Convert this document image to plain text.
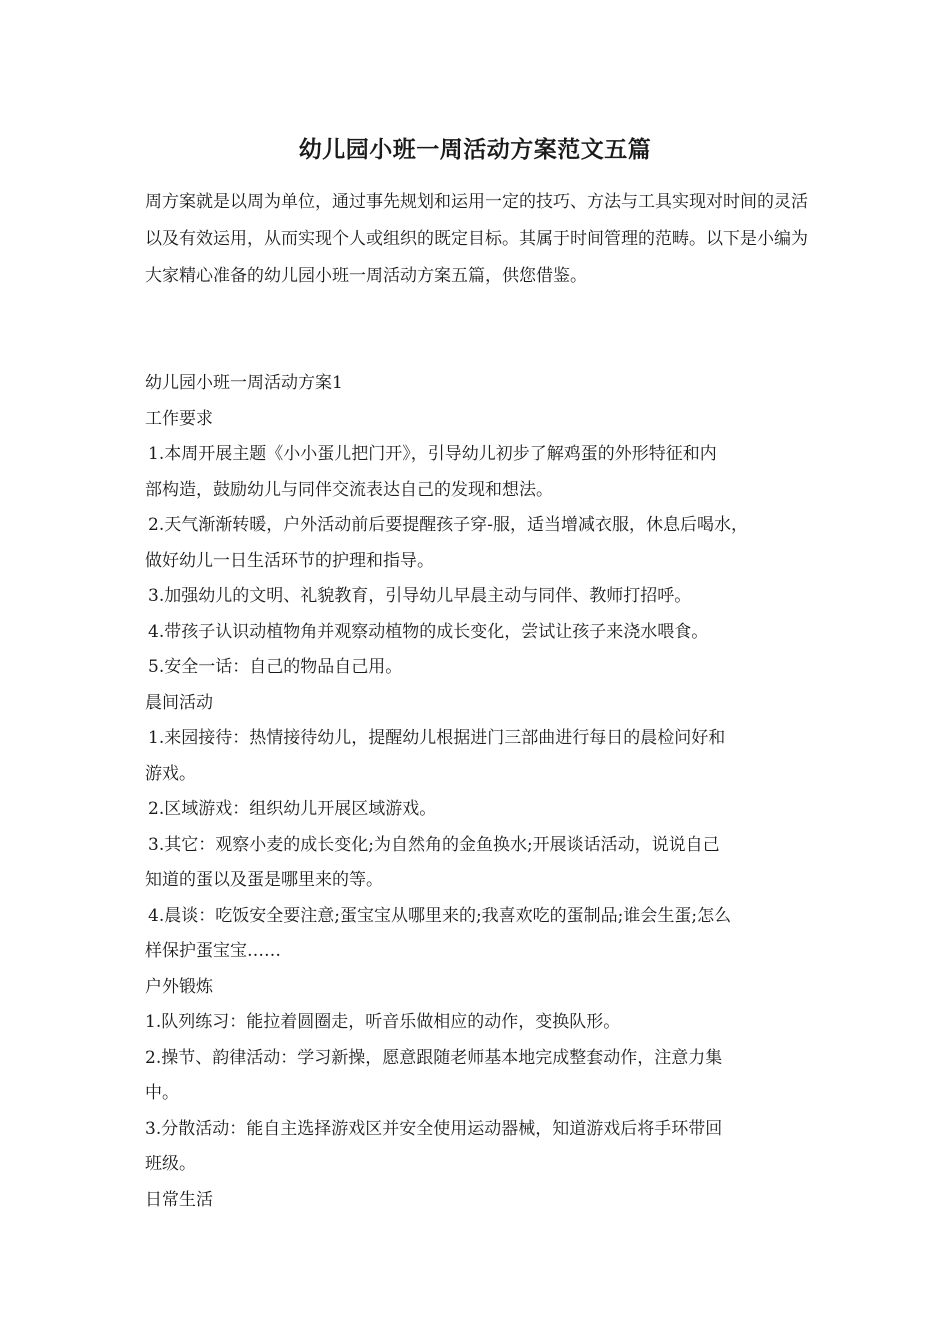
幼儿园小班一周活动方案范文五篇
周方案就是以周为单位，通过事先规划和运用一定的技巧、方法与工具实现对时间的灵活以及有效运用，从而实现个人或组织的既定目标。其属于时间管理的范畴。以下是小编为大家精心准备的幼儿园小班一周活动方案五篇，供您借鉴。
幼儿园小班一周活动方案1
工作要求
1.本周开展主题《小小蛋儿把门开》，引导幼儿初步了解鸡蛋的外形特征和内
部构造，鼓励幼儿与同伴交流表达自己的发现和想法。
2.天气渐渐转暖，户外活动前后要提醒孩子穿-服，适当增减衣服，休息后喝水，
做好幼儿一日生活环节的护理和指导。
3.加强幼儿的文明、礼貌教育，引导幼儿早晨主动与同伴、教师打招呼。
4.带孩子认识动植物角并观察动植物的成长变化，尝试让孩子来浇水喂食。
5.安全一话：自己的物品自己用。
晨间活动
1.来园接待：热情接待幼儿，提醒幼儿根据进门三部曲进行每日的晨检问好和
游戏。
2.区域游戏：组织幼儿开展区域游戏。
3.其它：观察小麦的成长变化;为自然角的金鱼换水;开展谈话活动，说说自己
知道的蛋以及蛋是哪里来的等。
4.晨谈：吃饭安全要注意;蛋宝宝从哪里来的;我喜欢吃的蛋制品;谁会生蛋;怎么
样保护蛋宝宝……
户外锻炼
1.队列练习：能拉着圆圈走，听音乐做相应的动作，变换队形。
2.操节、韵律活动：学习新操，愿意跟随老师基本地完成整套动作，注意力集
中。
3.分散活动：能自主选择游戏区并安全使用运动器械，知道游戏后将手环带回
班级。
日常生活
